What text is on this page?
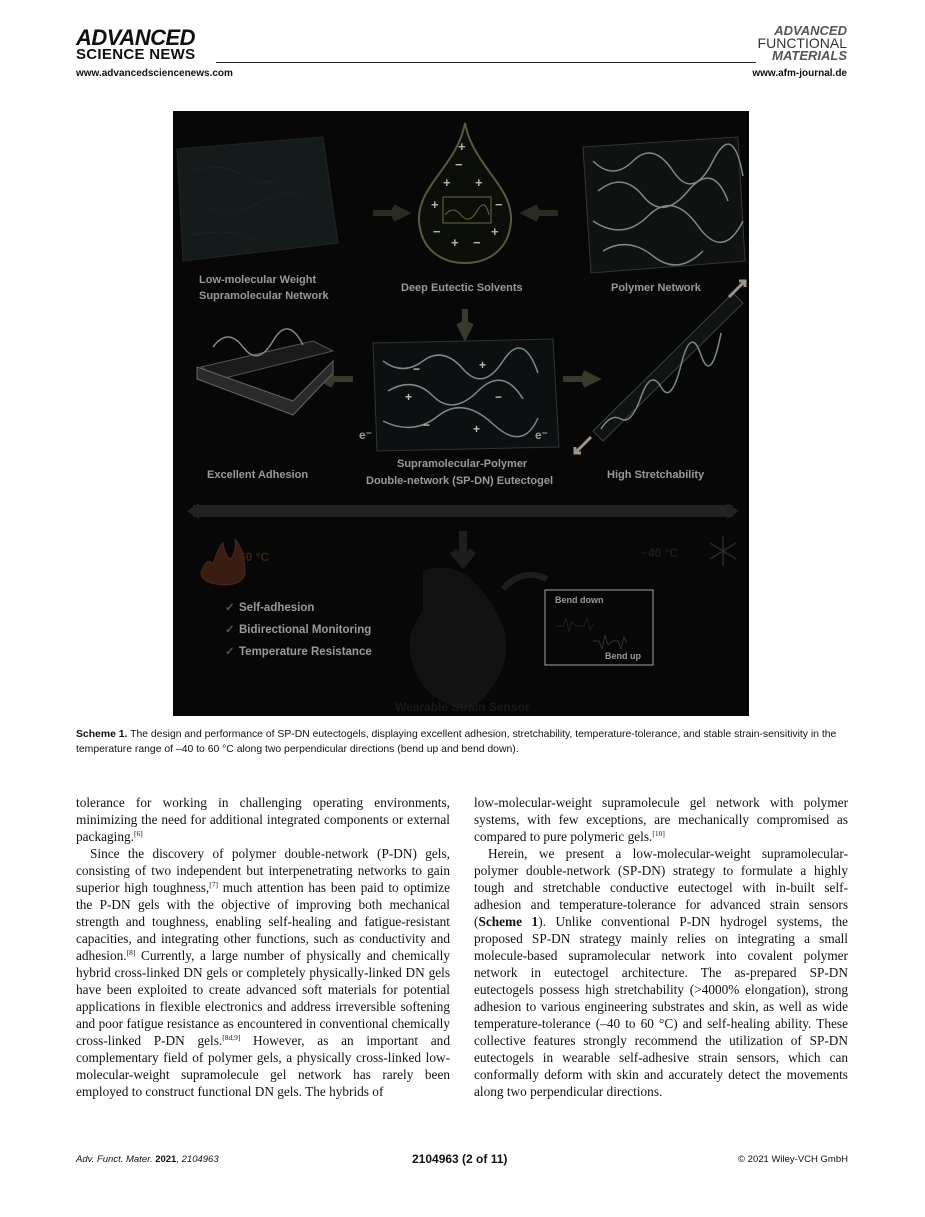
ADVANCED
SCIENCE NEWS
ADVANCED
FUNCTIONAL
MATERIALS
www.advancedsciencenews.com	www.afm-journal.de
+
−
+ +
+	−
−	+
+ −
Low-molecular Weight
Supramolecular Network
Deep Eutectic Solvents	Polymer Network
−	+
+	−
−	+
e⁻	e⁻
Excellent Adhesion
Supramolecular-Polymer
Double-network (SP-DN) Eutectogel	High Stretchability
60 °C	−40 °C
✓ Self-adhesion
✓ Bidirectional Monitoring
✓ Temperature Resistance
Bend down
Bend up
Wearable Strain Sensor
Scheme 1. The design and performance of SP-DN eutectogels, displaying excellent adhesion, stretchability, temperature-tolerance, and stable strain-sensitivity in the temperature range of –40 to 60 °C along two perpendicular directions (bend up and bend down).

tolerance for working in challenging operating environments, minimizing the need for additional integrated components or external packaging.[6]

Since the discovery of polymer double-network (P-DN) gels, consisting of two independent but interpenetrating networks to gain superior high toughness,[7] much attention has been paid to optimize the P-DN gels with the objective of improving both mechanical strength and toughness, enabling self-healing and fatigue-resistant capacities, and integrating other functions, such as conductivity and adhesion.[8] Currently, a large number of physically and chemically hybrid cross-linked DN gels or completely physically-linked DN gels have been exploited to create advanced soft materials for potential applications in flexible electronics and address irreversible softening and poor fatigue resistance as encountered in conventional chemically cross-linked P-DN gels.[8d,9] However, as an important and complementary field of polymer gels, a physically cross-linked low-molecular-weight supramolecule gel network has rarely been employed to construct functional DN gels. The hybrids of

low-molecular-weight supramolecule gel network with polymer systems, with few exceptions, are mechanically compromised as compared to pure polymeric gels.[10]

Herein, we present a low-molecular-weight supramolecular-polymer double-network (SP-DN) strategy to formulate a highly tough and stretchable conductive eutectogel with in-built self-adhesion and temperature-tolerance for advanced strain sensors (Scheme 1). Unlike conventional P-DN hydrogel systems, the proposed SP-DN strategy mainly relies on integrating a small molecule-based supramolecular network into covalent polymer network in eutectogel architecture. The as-prepared SP-DN eutectogels possess high stretchability (>4000% elongation), strong adhesion to various engineering substrates and skin, as well as wide temperature-tolerance (–40 to 60 °C) and self-healing ability. These collective features strongly recommend the utilization of SP-DN eutectogels in wearable self-adhesive strain sensors, which can conformally deform with skin and accurately detect the movements along two perpendicular directions.

Adv. Funct. Mater. 2021, 2104963	2104963 (2 of 11)	© 2021 Wiley-VCH GmbH
